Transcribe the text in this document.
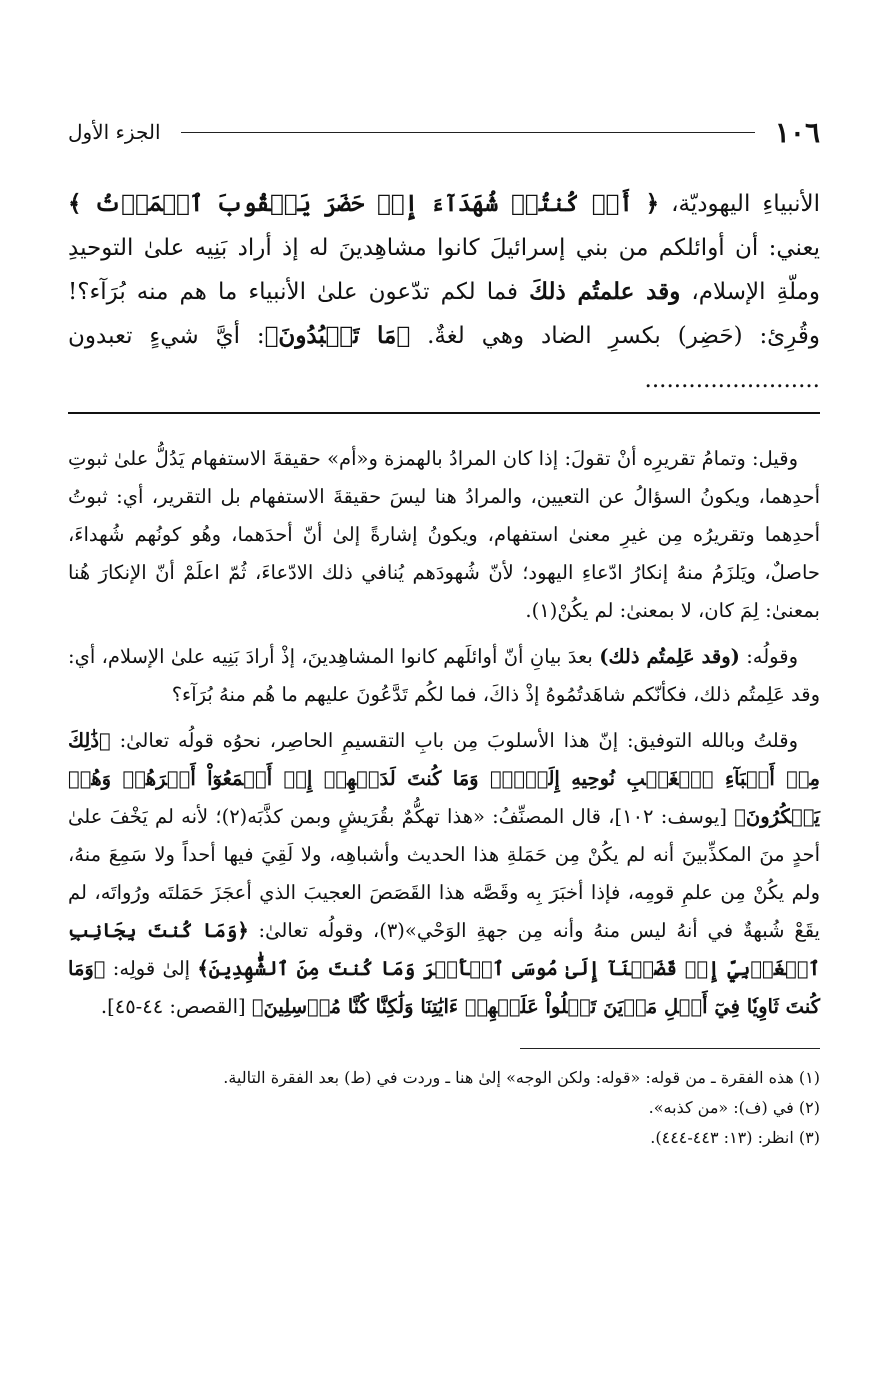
١٠٦
الجزء الأول
الأنبياءِ اليهوديّة، ﴿ أَمۡ كُنتُمۡ شُهَدَآءَ إِذۡ حَضَرَ يَعۡقُوبَ ٱلۡمَوۡتُ ﴾ يعني: أن أوائلكم من بني إسرائيلَ كانوا مشاهِدينَ له إذ أراد بَنِيه علىٰ التوحيدِ وملّةِ الإسلام، وقد علمتُم ذلكَ فما لكم تدّعون علىٰ الأنبياء ما هم منه بُرَآء؟! وقُرِئ: (حَضِر) بكسرِ الضاد وهي لغةٌ. ﴿مَا تَعۡبُدُونَ﴾: أيَّ شيءٍ تعبدون ........................

وقيل: وتمامُ تقريرِه أنْ تقولَ: إذا كان المرادُ بالهمزة و«أم» حقيقةَ الاستفهام يَدُلُّ علىٰ ثبوتِ أحدِهما، ويكونُ السؤالُ عن التعيين، والمرادُ هنا ليسَ حقيقةَ الاستفهام بل التقرير، أي: ثبوتُ أحدِهما وتقريرُه مِن غيرِ معنىٰ استفهام، ويكونُ إشارةً إلىٰ أنّ أحدَهما، وهُو كونُهم شُهداءَ، حاصلٌ، ويَلزَمُ منهُ إنكارُ ادّعاءِ اليهود؛ لأنّ شُهودَهم يُنافي ذلك الادّعاءَ، ثُمّ اعلَمْ أنّ الإنكارَ هُنا بمعنىٰ: لِمَ كان، لا بمعنىٰ: لم يكُنْ(١).

وقولُه: (وقد عَلِمتُم ذلك) بعدَ بيانِ أنّ أوائلَهم كانوا المشاهِدينَ، إذْ أرادَ بَنِيه علىٰ الإسلام، أي: وقد عَلِمتُم ذلك، فكأنّكم شاهَدتُمُوهُ إذْ ذاكَ، فما لكُم تَدَّعُونَ عليهم ما هُم منهُ بُرَآء؟

وقلتُ وبالله التوفيق: إنّ هذا الأسلوبَ مِن بابِ التقسيمِ الحاصِر، نحوُه قولُه تعالىٰ: ﴿ذَٰلِكَ مِنۡ أَنۢبَآءِ ٱلۡغَيۡبِ نُوحِيهِ إِلَيۡكَۖ وَمَا كُنتَ لَدَيۡهِمۡ إِذۡ أَجۡمَعُوٓاْ أَمۡرَهُمۡ وَهُمۡ يَمۡكُرُونَ﴾ [يوسف: ١٠٢]، قال المصنِّفُ: «هذا تهكُّمٌ بقُرَيشٍ وبمن كذَّبَه(٢)؛ لأنه لم يَخْفَ علىٰ أحدٍ منَ المكذِّبينَ أنه لم يكُنْ مِن حَمَلةِ هذا الحديث وأشباهِه، ولا لَقِيَ فيها أحداً ولا سَمِعَ منهُ، ولم يكُنْ مِن علمِ قومِه، فإذا أخبَرَ بِه وقَصَّه هذا القَصَصَ العجيبَ الذي أعجَزَ حَمَلتَه ورُواتَه، لم يقَعْ شُبهةٌ في أنهُ ليس منهُ وأنه مِن جهةِ الوَحْي»(٣)، وقولُه تعالىٰ: ﴿وَمَا كُنتَ بِجَانِبِ ٱلۡغَرۡبِيِّ إِذۡ قَضَيۡنَآ إِلَىٰ مُوسَى ٱلۡأَمۡرَ وَمَا كُنتَ مِنَ ٱلشَّٰهِدِينَ﴾ إلىٰ قولِه: ﴿وَمَا كُنتَ ثَاوِيٗا فِيٓ أَهۡلِ مَدۡيَنَ تَتۡلُواْ عَلَيۡهِمۡ ءَايَٰتِنَا وَلَٰكِنَّا كُنَّا مُرۡسِلِينَ﴾ [القصص: ٤٤-٤٥].

(١) هذه الفقرة ـ من قوله: «قوله: ولكن الوجه» إلىٰ هنا ـ وردت في (ط) بعد الفقرة التالية.
(٢) في (ف): «من كذبه».
(٣) انظر: (١٣: ٤٤٣-٤٤٤).
